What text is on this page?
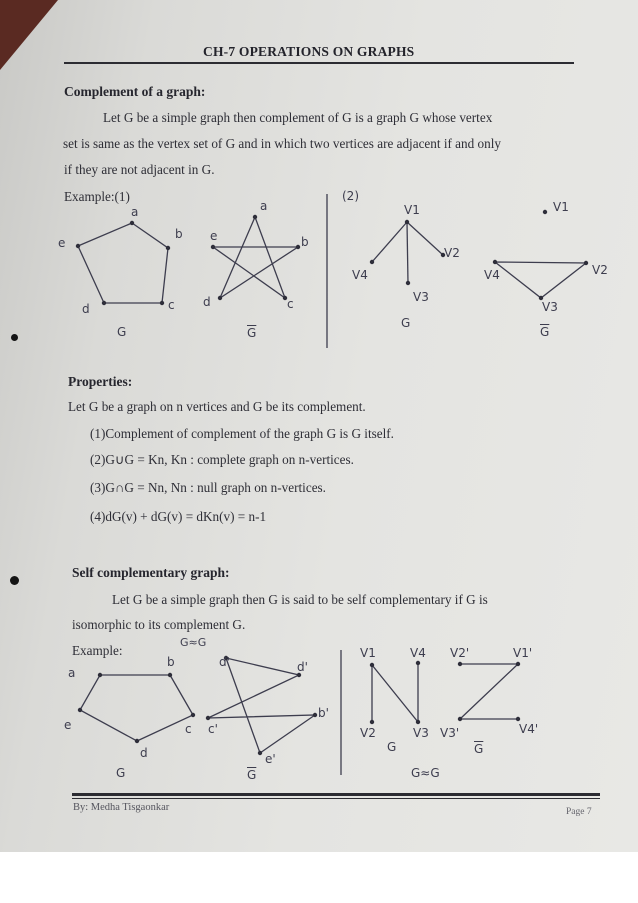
CH-7 OPERATIONS ON GRAPHS
Complement of a graph:
Let G be a simple graph then complement of G is a graph G whose vertex
set is same as the vertex set of G and in which two vertices are adjacent if and only
if they are not adjacent in G.
Example:(1)	(2)
a
b
c
d
e
G
a
b
c
d
e
$\overline{G}$
V1
V2
V3
V4
G
V1
V2
V3
V4
$\overline{G}$
Properties:
Let G be a graph on n vertices and G be its complement.
(1)Complement of complement of the graph G is G itself.
(2)G∪G = Kn, Kn : complete graph on n-vertices.
(3)G∩G = Nn, Nn : null graph on n-vertices.
(4)dG(v) + dG(v) = dKn(v) = n-1
Self complementary graph:
Let G be a simple graph then G is said to be self complementary if G is
isomorphic to its complement G.
G≈G
Example:
a
b
c
d
e
G
d'	d'
b'
e'
c'
$\overline{G}$
V1
V2	V3
V4
G
V1'
V2'
V3'	V4'
$\overline{G}$
G≈G
By: Medha Tisgaonkar	Page 7
